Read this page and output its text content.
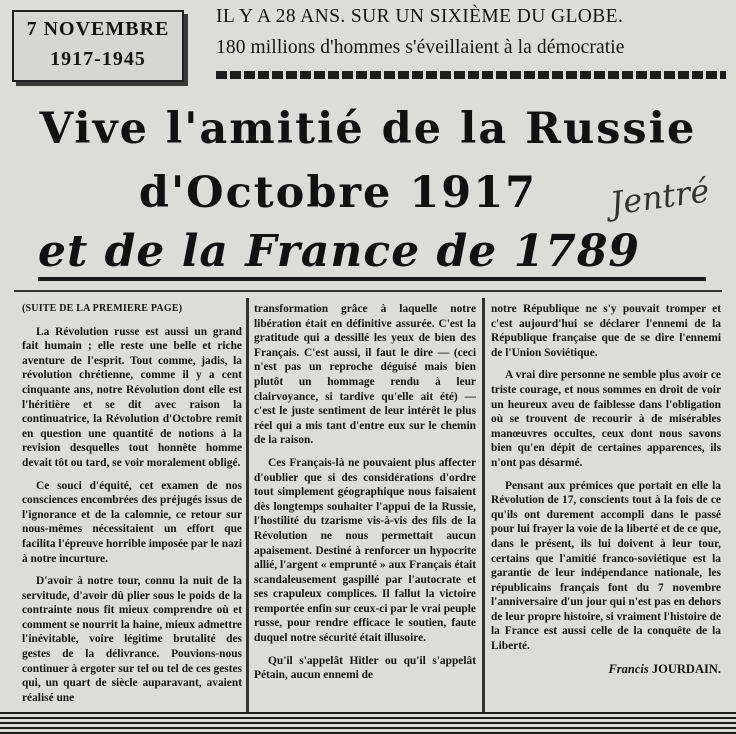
7 NOVEMBRE
1917-1945
IL Y A 28 ANS. SUR UN SIXIÈME DU GLOBE.
180 millions d'hommes s'éveillaient à la démocratie
Vive l'amitié de la Russie
d'Octobre 1917	Jentré
et de la France de 1789

(SUITE DE LA PREMIERE PAGE)

La Révolution russe est aussi un grand fait humain ; elle reste une belle et riche aventure de l'esprit. Tout comme, jadis, la révolution chrétienne, comme il y a cent cinquante ans, notre Révolution dont elle est l'héritière et se dit avec raison la continuatrice, la Révolution d'Octobre remit en question une quantité de notions à la revision desquelles tout honnête homme devait tôt ou tard, se voir moralement obligé.

Ce souci d'équité, cet examen de nos consciences encombrées des préjugés issus de l'ignorance et de la calomnie, ce retour sur nous-mêmes nécessitaient un effort que facilita l'épreuve horrible imposée par le nazi à notre incurture.

D'avoir à notre tour, connu la nuit de la servitude, d'avoir dû plier sous le poids de la contrainte nous fit mieux comprendre où et comment se nourrit la haine, mieux admettre l'inévitable, voire légitime brutalité des gestes de la délivrance. Pouvions-nous continuer à ergoter sur tel ou tel de ces gestes qui, un quart de siècle auparavant, avaient réalisé une

transformation grâce à laquelle notre libération était en définitive assurée. C'est la gratitude qui a dessillé les yeux de bien des Français. C'est aussi, il faut le dire — (ceci n'est pas un reproche déguisé mais bien plutôt un hommage rendu à leur clairvoyance, si tardive qu'elle ait été) — c'est le juste sentiment de leur intérêt le plus réel qui a mis tant d'entre eux sur le chemin de la raison.

Ces Français-là ne pouvaient plus affecter d'oublier que si des considérations d'ordre tout simplement géographique nous faisaient dès longtemps souhaiter l'appui de la Russie, l'hostilité du tzarisme vis-à-vis des fils de la Révolution ne nous permettait aucun apaisement. Destiné à renforcer un hypocrite allié, l'argent « emprunté » aux Français était scandaleusement gaspillé par l'autocrate et ses crapuleux complices. Il fallut la victoire remportée enfin sur ceux-ci par le vrai peuple russe, pour rendre efficace le soutien, faute duquel notre sécurité était illusoire.

Qu'il s'appelât Hitler ou qu'il s'appelât Pétain, aucun ennemi de

notre République ne s'y pouvait tromper et c'est aujourd'hui se déclarer l'ennemi de la République française que de se dire l'ennemi de l'Union Soviétique.

A vrai dire personne ne semble plus avoir ce triste courage, et nous sommes en droit de voir un heureux aveu de faiblesse dans l'obligation où se trouvent de recourir à de misérables manœuvres occultes, ceux dont nous savons bien qu'en dépit de certaines apparences, ils n'ont pas désarmé.

Pensant aux prémices que portait en elle la Révolution de 17, conscients tout à la fois de ce qu'ils ont durement accompli dans le passé pour lui frayer la voie de la liberté et de ce que, dans le présent, ils lui doivent à leur tour, certains que l'amitié franco-soviétique est la garantie de leur indépendance nationale, les républicains français font du 7 novembre l'anniversaire d'un jour qui n'est pas en dehors de leur propre histoire, si vraiment l'histoire de la France est aussi celle de la conquête de la Liberté.

Francis JOURDAIN.
